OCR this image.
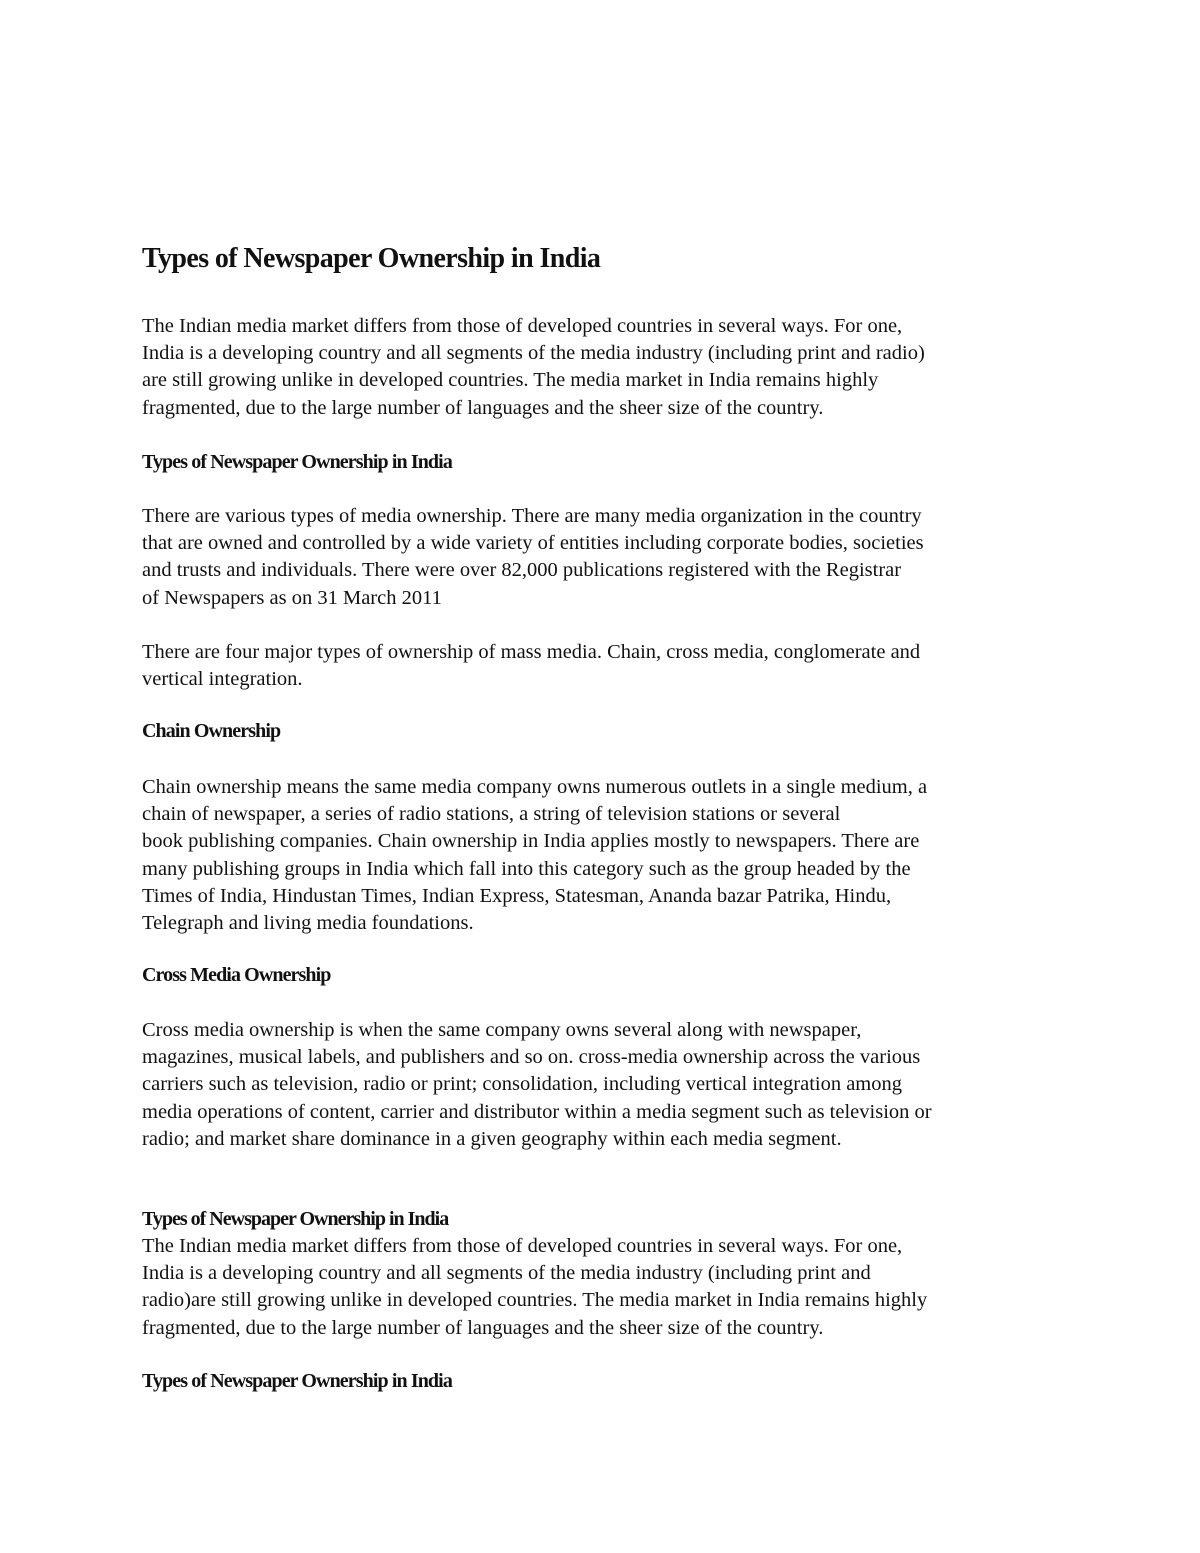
Types of Newspaper Ownership in India

The Indian media market differs from those of developed countries in several ways. For one,
India is a developing country and all segments of the media industry (including print and radio)
are still growing unlike in developed countries. The media market in India remains highly
fragmented, due to the large number of languages and the sheer size of the country.

Types of Newspaper Ownership in India

There are various types of media ownership. There are many media organization in the country
that are owned and controlled by a wide variety of entities including corporate bodies, societies
and trusts and individuals. There were over 82,000 publications registered with the Registrar
of Newspapers as on 31 March 2011

There are four major types of ownership of mass media. Chain, cross media, conglomerate and
vertical integration.

Chain Ownership

Chain ownership means the same media company owns numerous outlets in a single medium, a
chain of newspaper, a series of radio stations, a string of television stations or several
book publishing companies. Chain ownership in India applies mostly to newspapers. There are
many publishing groups in India which fall into this category such as the group headed by the
Times of India, Hindustan Times, Indian Express, Statesman, Ananda bazar Patrika, Hindu,
Telegraph and living media foundations.

Cross Media Ownership

Cross media ownership is when the same company owns several along with newspaper,
magazines, musical labels, and publishers and so on. cross-media ownership across the various
carriers such as television, radio or print; consolidation, including vertical integration among
media operations of content, carrier and distributor within a media segment such as television or
radio; and market share dominance in a given geography within each media segment.

Types of Newspaper Ownership in India

The Indian media market differs from those of developed countries in several ways. For one,
India is a developing country and all segments of the media industry (including print and
radio)are still growing unlike in developed countries. The media market in India remains highly
fragmented, due to the large number of languages and the sheer size of the country.

Types of Newspaper Ownership in India
